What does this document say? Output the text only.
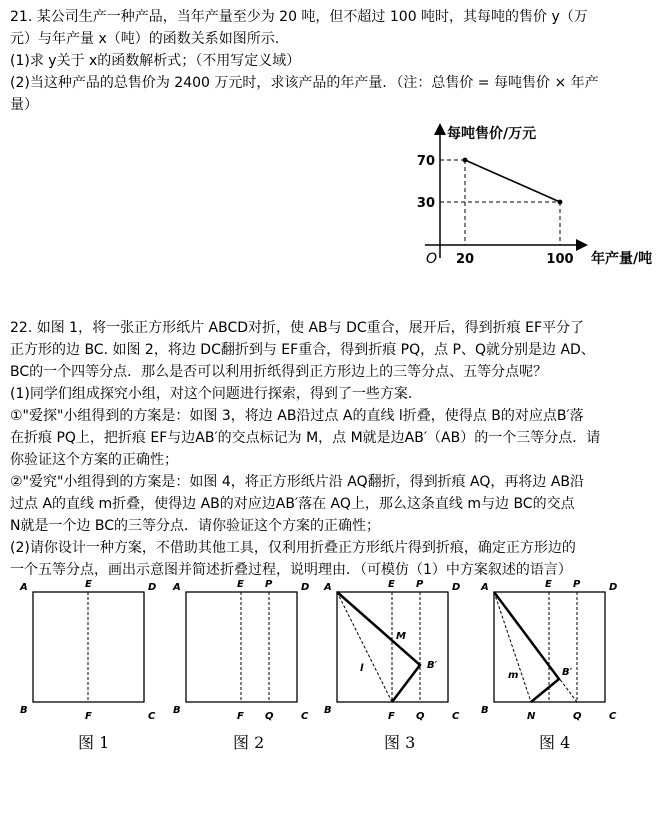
21. 某公司生产一种产品，当年产量至少为 20 吨，但不超过 100 吨时，其每吨的售价 y（万
元）与年产量 x（吨）的函数关系如图所示.
(1)求 y关于 x的函数解析式；（不用写定义域）
(2)当这种产品的总售价为 2400 万元时，求该产品的年产量．（注：总售价 = 每吨售价 × 年产
量）
每吨售价/万元
年产量/吨
O 20	100
70
30
22. 如图 1，将一张正方形纸片 ABCD对折，使 AB与 DC重合，展开后，得到折痕 EF平分了
正方形的边 BC. 如图 2，将边 DC翻折到与 EF重合，得到折痕 PQ，点 P、Q就分别是边 AD、
BC的一个四等分点．那么是否可以利用折纸得到正方形边上的三等分点、五等分点呢？
(1)同学们组成探究小组，对这个问题进行探索，得到了一些方案.
①"爱探"小组得到的方案是：如图 3，将边 AB沿过点 A的直线 l折叠，使得点 B的对应点B′落
在折痕 PQ上，把折痕 EF与边AB′的交点标记为 M，点 M就是边AB′（AB）的一个三等分点．请
你验证这个方案的正确性；
②"爱究"小组得到的方案是：如图 4，将正方形纸片沿 AQ翻折，得到折痕 AQ，再将边 AB沿
过点 A的直线 m折叠，使得边 AB的对应边AB′落在 AQ上，那么这条直线 m与边 BC的交点
N就是一个边 BC的三等分点．请你验证这个方案的正确性；
(2)请你设计一种方案，不借助其他工具，仅利用折叠正方形纸片得到折痕，确定正方形边的
一个五等分点，画出示意图并简述折叠过程，说明理由．（可模仿（1）中方案叙述的语言）
A	E	D
B
F	C
A	E P	D
B
F Q	C
A	E P	D
M
l	B′
B
F Q	C
A	E P	D
m	B′
B
N	Q	C
图 1	图 2	图 3	图 4
